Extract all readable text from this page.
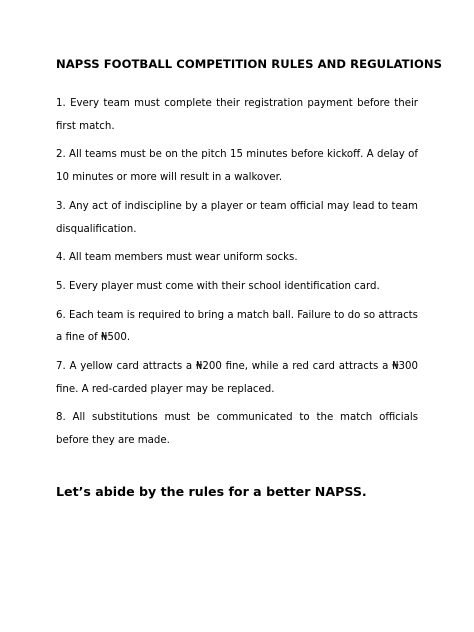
NAPSS FOOTBALL COMPETITION RULES AND REGULATIONS
1. Every team must complete their registration payment before their first match.
2. All teams must be on the pitch 15 minutes before kickoff. A delay of 10 minutes or more will result in a walkover.
3. Any act of indiscipline by a player or team official may lead to team disqualification.
4. All team members must wear uniform socks.
5. Every player must come with their school identification card.
6. Each team is required to bring a match ball. Failure to do so attracts a fine of ₦500.
7. A yellow card attracts a ₦200 fine, while a red card attracts a ₦300 fine. A red-carded player may be replaced.
8. All substitutions must be communicated to the match officials before they are made.
Let’s abide by the rules for a better NAPSS.
